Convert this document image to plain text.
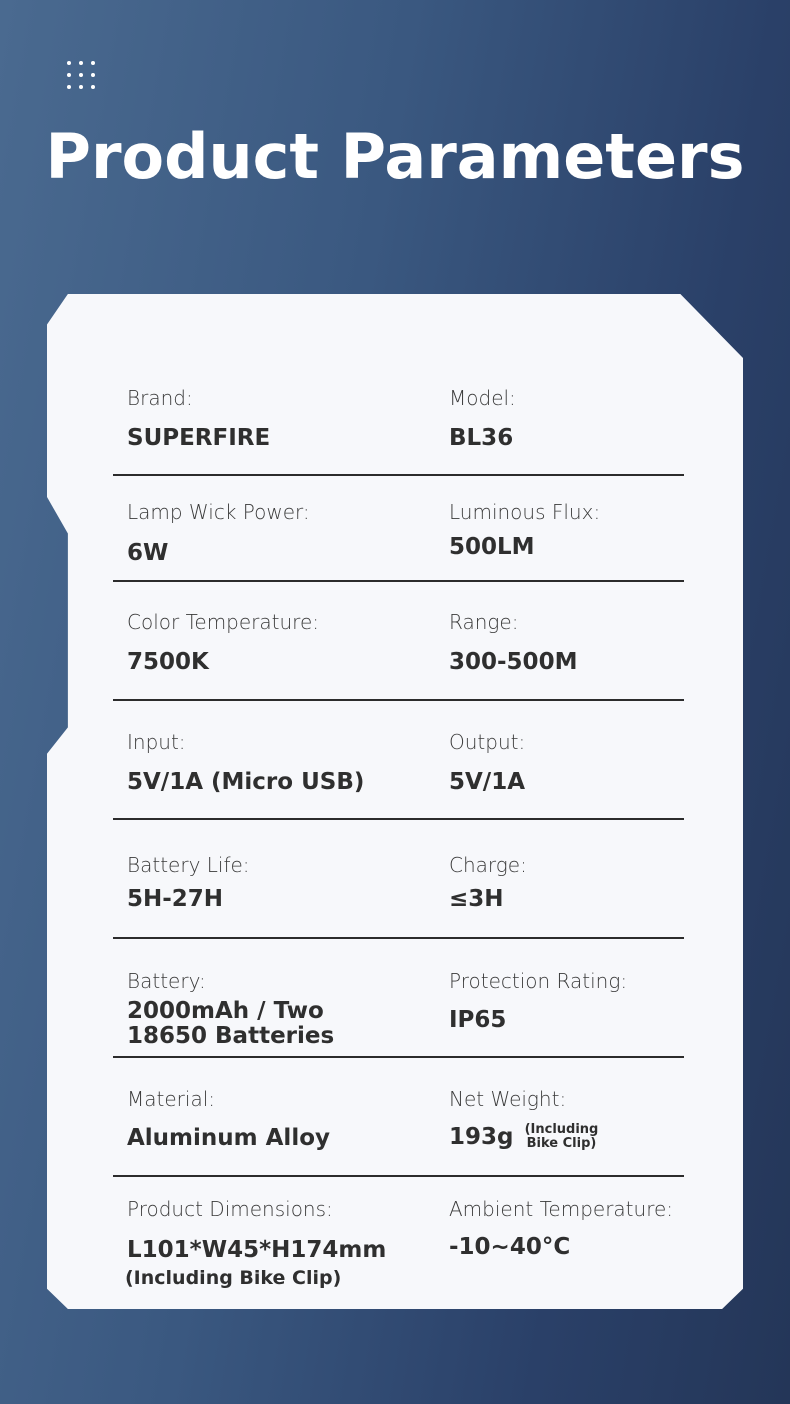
Product Parameters
Brand:
SUPERFIRE
Model:
BL36
Lamp Wick Power:
6W
Luminous Flux:
500LM
Color Temperature:
7500K
Range:
300-500M
Input:
5V/1A (Micro USB)
Output:
5V/1A
Battery Life:
5H-27H
Charge:
≤3H
Battery:
2000mAh / Two
18650 Batteries
Protection Rating:
IP65
Material:
Aluminum Alloy
Net Weight:
193g (Including
Bike Clip)
Product Dimensions:
L101*W45*H174mm
(Including Bike Clip)
Ambient Temperature:
-10~40°C
